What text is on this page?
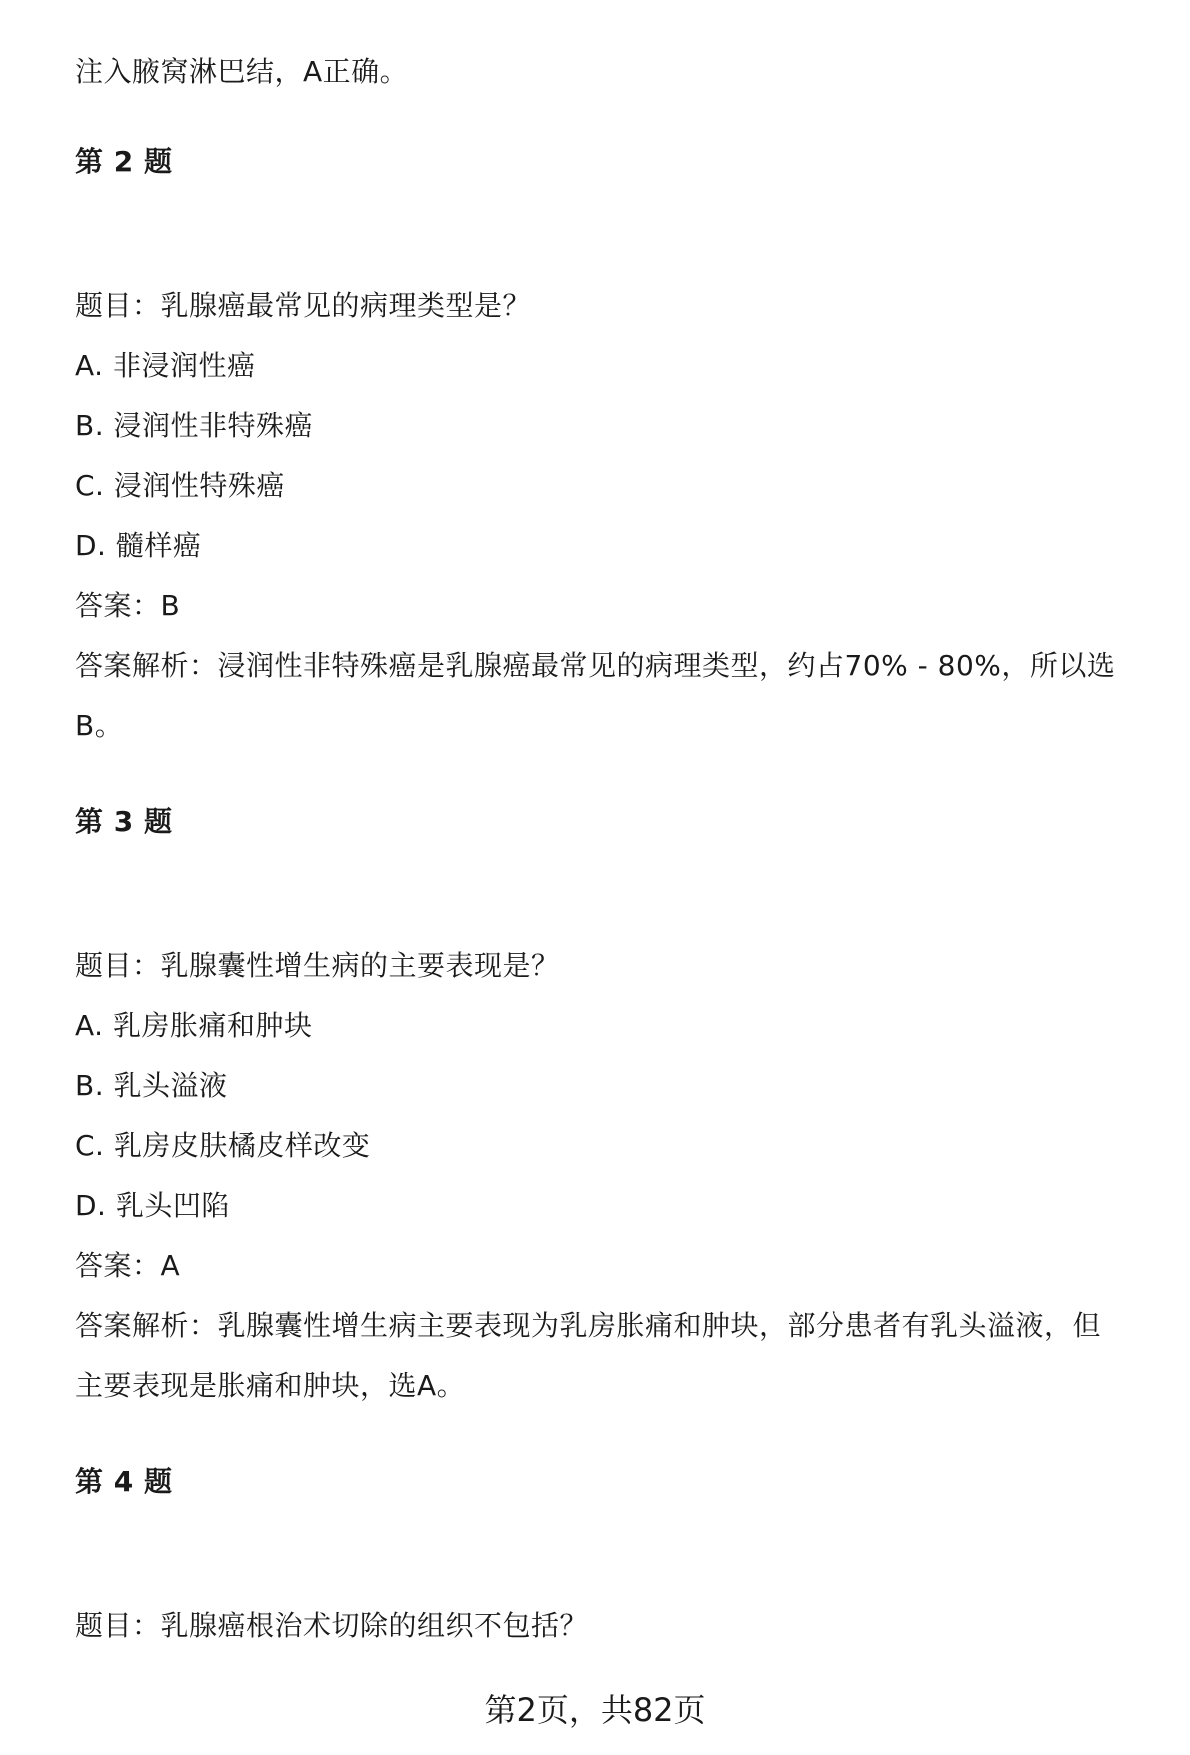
注入腋窝淋巴结，A正确。
第 2 题
题目：乳腺癌最常见的病理类型是？
A. 非浸润性癌
B. 浸润性非特殊癌
C. 浸润性特殊癌
D. 髓样癌
答案：B
答案解析：浸润性非特殊癌是乳腺癌最常见的病理类型，约占70% - 80%，所以选
B。
第 3 题
题目：乳腺囊性增生病的主要表现是？
A. 乳房胀痛和肿块
B. 乳头溢液
C. 乳房皮肤橘皮样改变
D. 乳头凹陷
答案：A
答案解析：乳腺囊性增生病主要表现为乳房胀痛和肿块，部分患者有乳头溢液，但
主要表现是胀痛和肿块，选A。
第 4 题
题目：乳腺癌根治术切除的组织不包括？
第2页，共82页
